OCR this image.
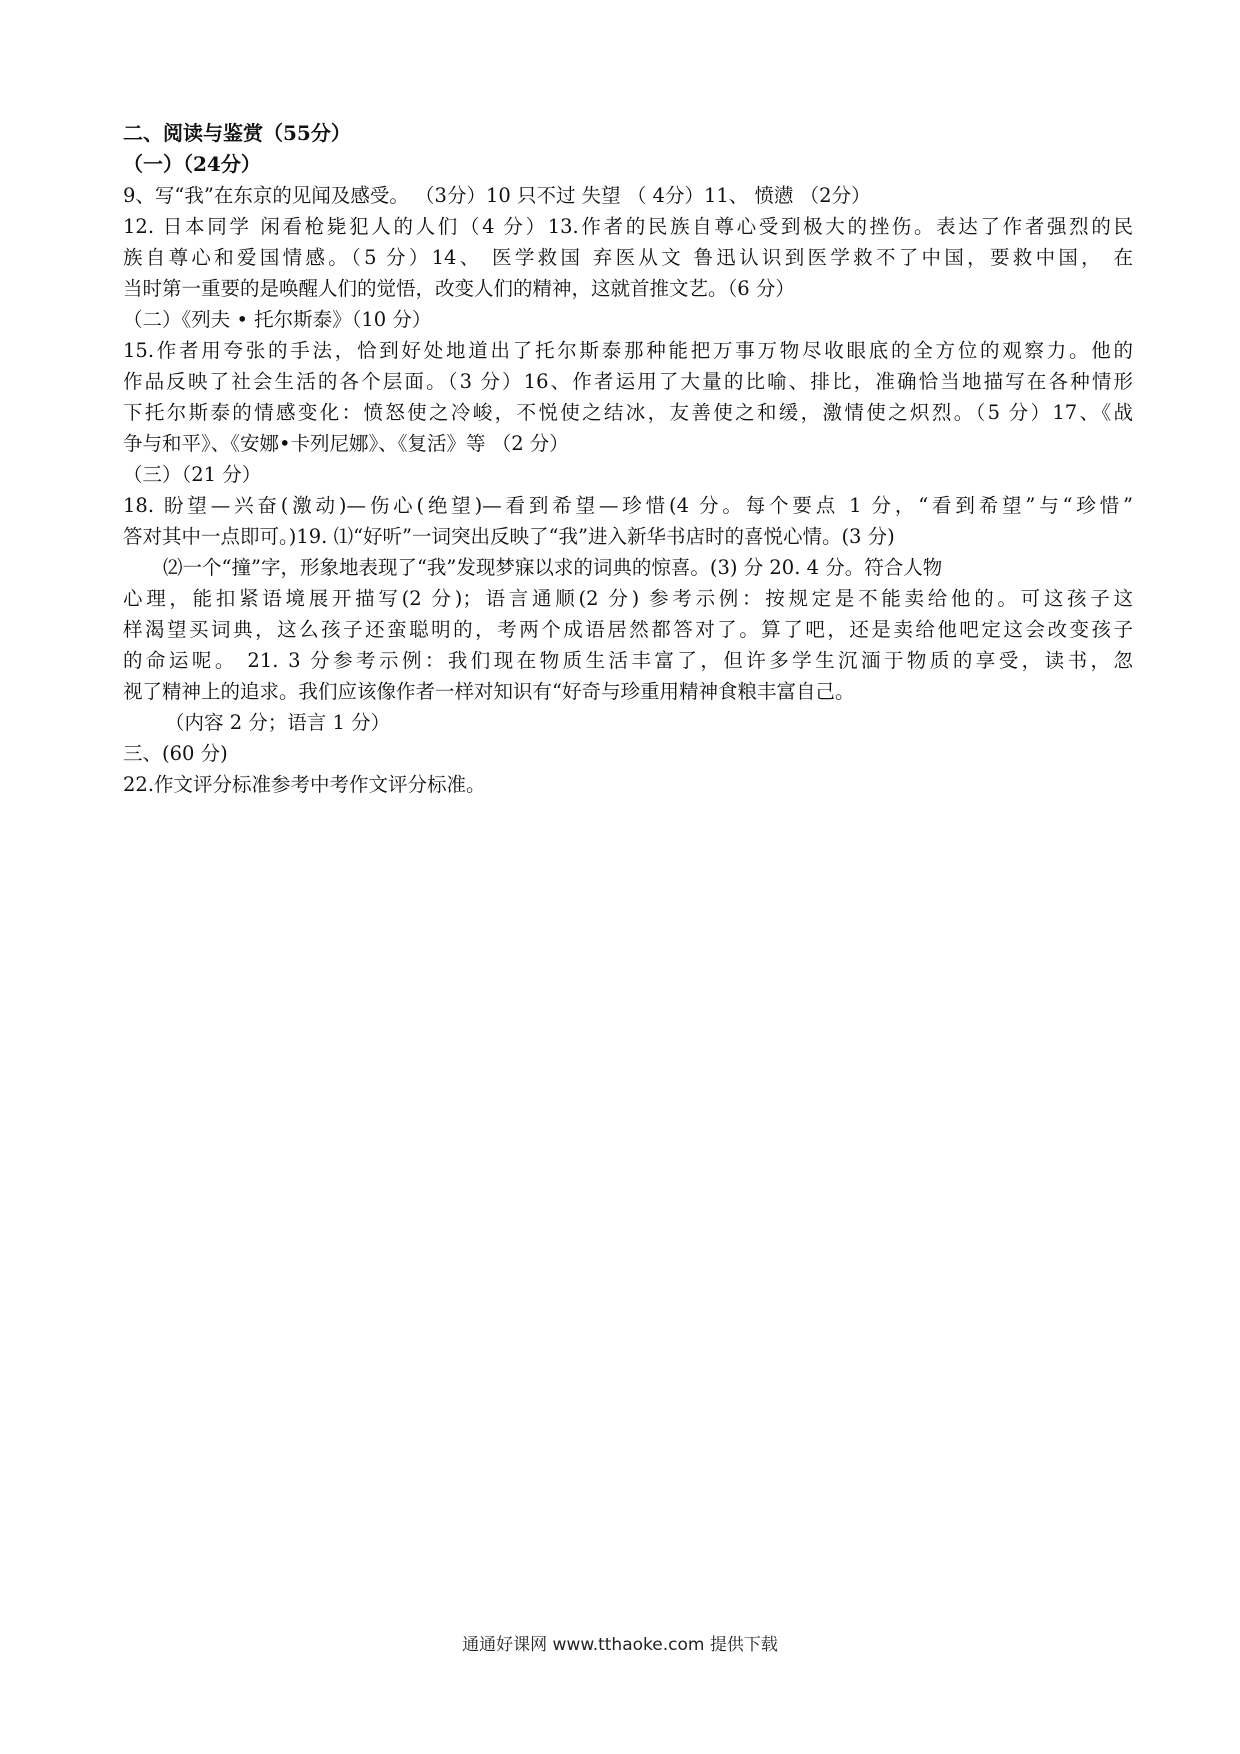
二、阅读与鉴赏（55分）
（一）（24分）
9、写“我”在东京的见闻及感受。 （3分）10 只不过 失望 （ 4分）11、 愤懑 （2分）
12. 日本同学 闲看枪毙犯人的人们（4 分）13.作者的民族自尊心受到极大的挫伤。表达了作者强烈的民
族自尊心和爱国情感。（5 分）14、 医学救国 弃医从文 鲁迅认识到医学救不了中国，要救中国， 在
当时第一重要的是唤醒人们的觉悟，改变人们的精神，这就首推文艺。（6 分）
（二）《列夫 • 托尔斯泰》（10 分）
15.作者用夸张的手法，恰到好处地道出了托尔斯泰那种能把万事万物尽收眼底的全方位的观察力。他的
作品反映了社会生活的各个层面。（3 分）16、作者运用了大量的比喻、排比，准确恰当地描写在各种情形
下托尔斯泰的情感变化：愤怒使之冷峻，不悦使之结冰，友善使之和缓，激情使之炽烈。（5 分）17、《战
争与和平》、《安娜•卡列尼娜》、《复活》等 （2 分）
（三）（21 分）
18. 盼望—兴奋(激动)—伤心(绝望)—看到希望—珍惜(4 分。每个要点 1 分，“看到希望”与“珍惜”
答对其中一点即可。)19. ⑴“好听”一词突出反映了“我”进入新华书店时的喜悦心情。(3 分)
⑵一个“撞”字，形象地表现了“我”发现梦寐以求的词典的惊喜。(3) 分 20. 4 分。符合人物
心理，能扣紧语境展开描写(2 分)；语言通顺(2 分) 参考示例：按规定是不能卖给他的。可这孩子这
样渴望买词典，这么孩子还蛮聪明的，考两个成语居然都答对了。算了吧，还是卖给他吧定这会改变孩子
的命运呢。 21. 3 分参考示例：我们现在物质生活丰富了，但许多学生沉湎于物质的享受，读书，忽
视了精神上的追求。我们应该像作者一样对知识有“好奇与珍重用精神食粮丰富自己。
（内容 2 分；语言 1 分）
三、(60 分)
22.作文评分标准参考中考作文评分标准。
通通好课网 www.tthaoke.com 提供下载
